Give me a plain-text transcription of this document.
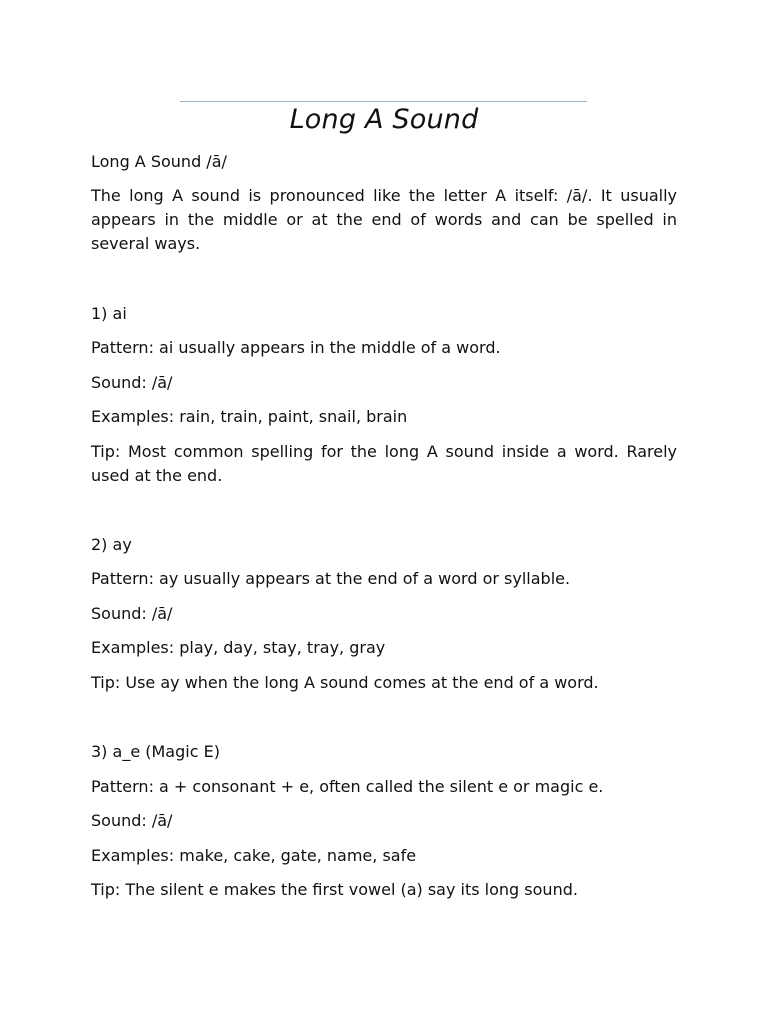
Long A Sound

Long A Sound /ā/

The long A sound is pronounced like the letter A itself: /ā/. It usually appears in the middle or at the end of words and can be spelled in several ways.

1) ai

Pattern: ai usually appears in the middle of a word.

Sound: /ā/

Examples: rain, train, paint, snail, brain

Tip: Most common spelling for the long A sound inside a word. Rarely used at the end.

2) ay

Pattern: ay usually appears at the end of a word or syllable.

Sound: /ā/

Examples: play, day, stay, tray, gray

Tip: Use ay when the long A sound comes at the end of a word.

3) a_e (Magic E)

Pattern: a + consonant + e, often called the silent e or magic e.

Sound: /ā/

Examples: make, cake, gate, name, safe

Tip: The silent e makes the first vowel (a) say its long sound.
